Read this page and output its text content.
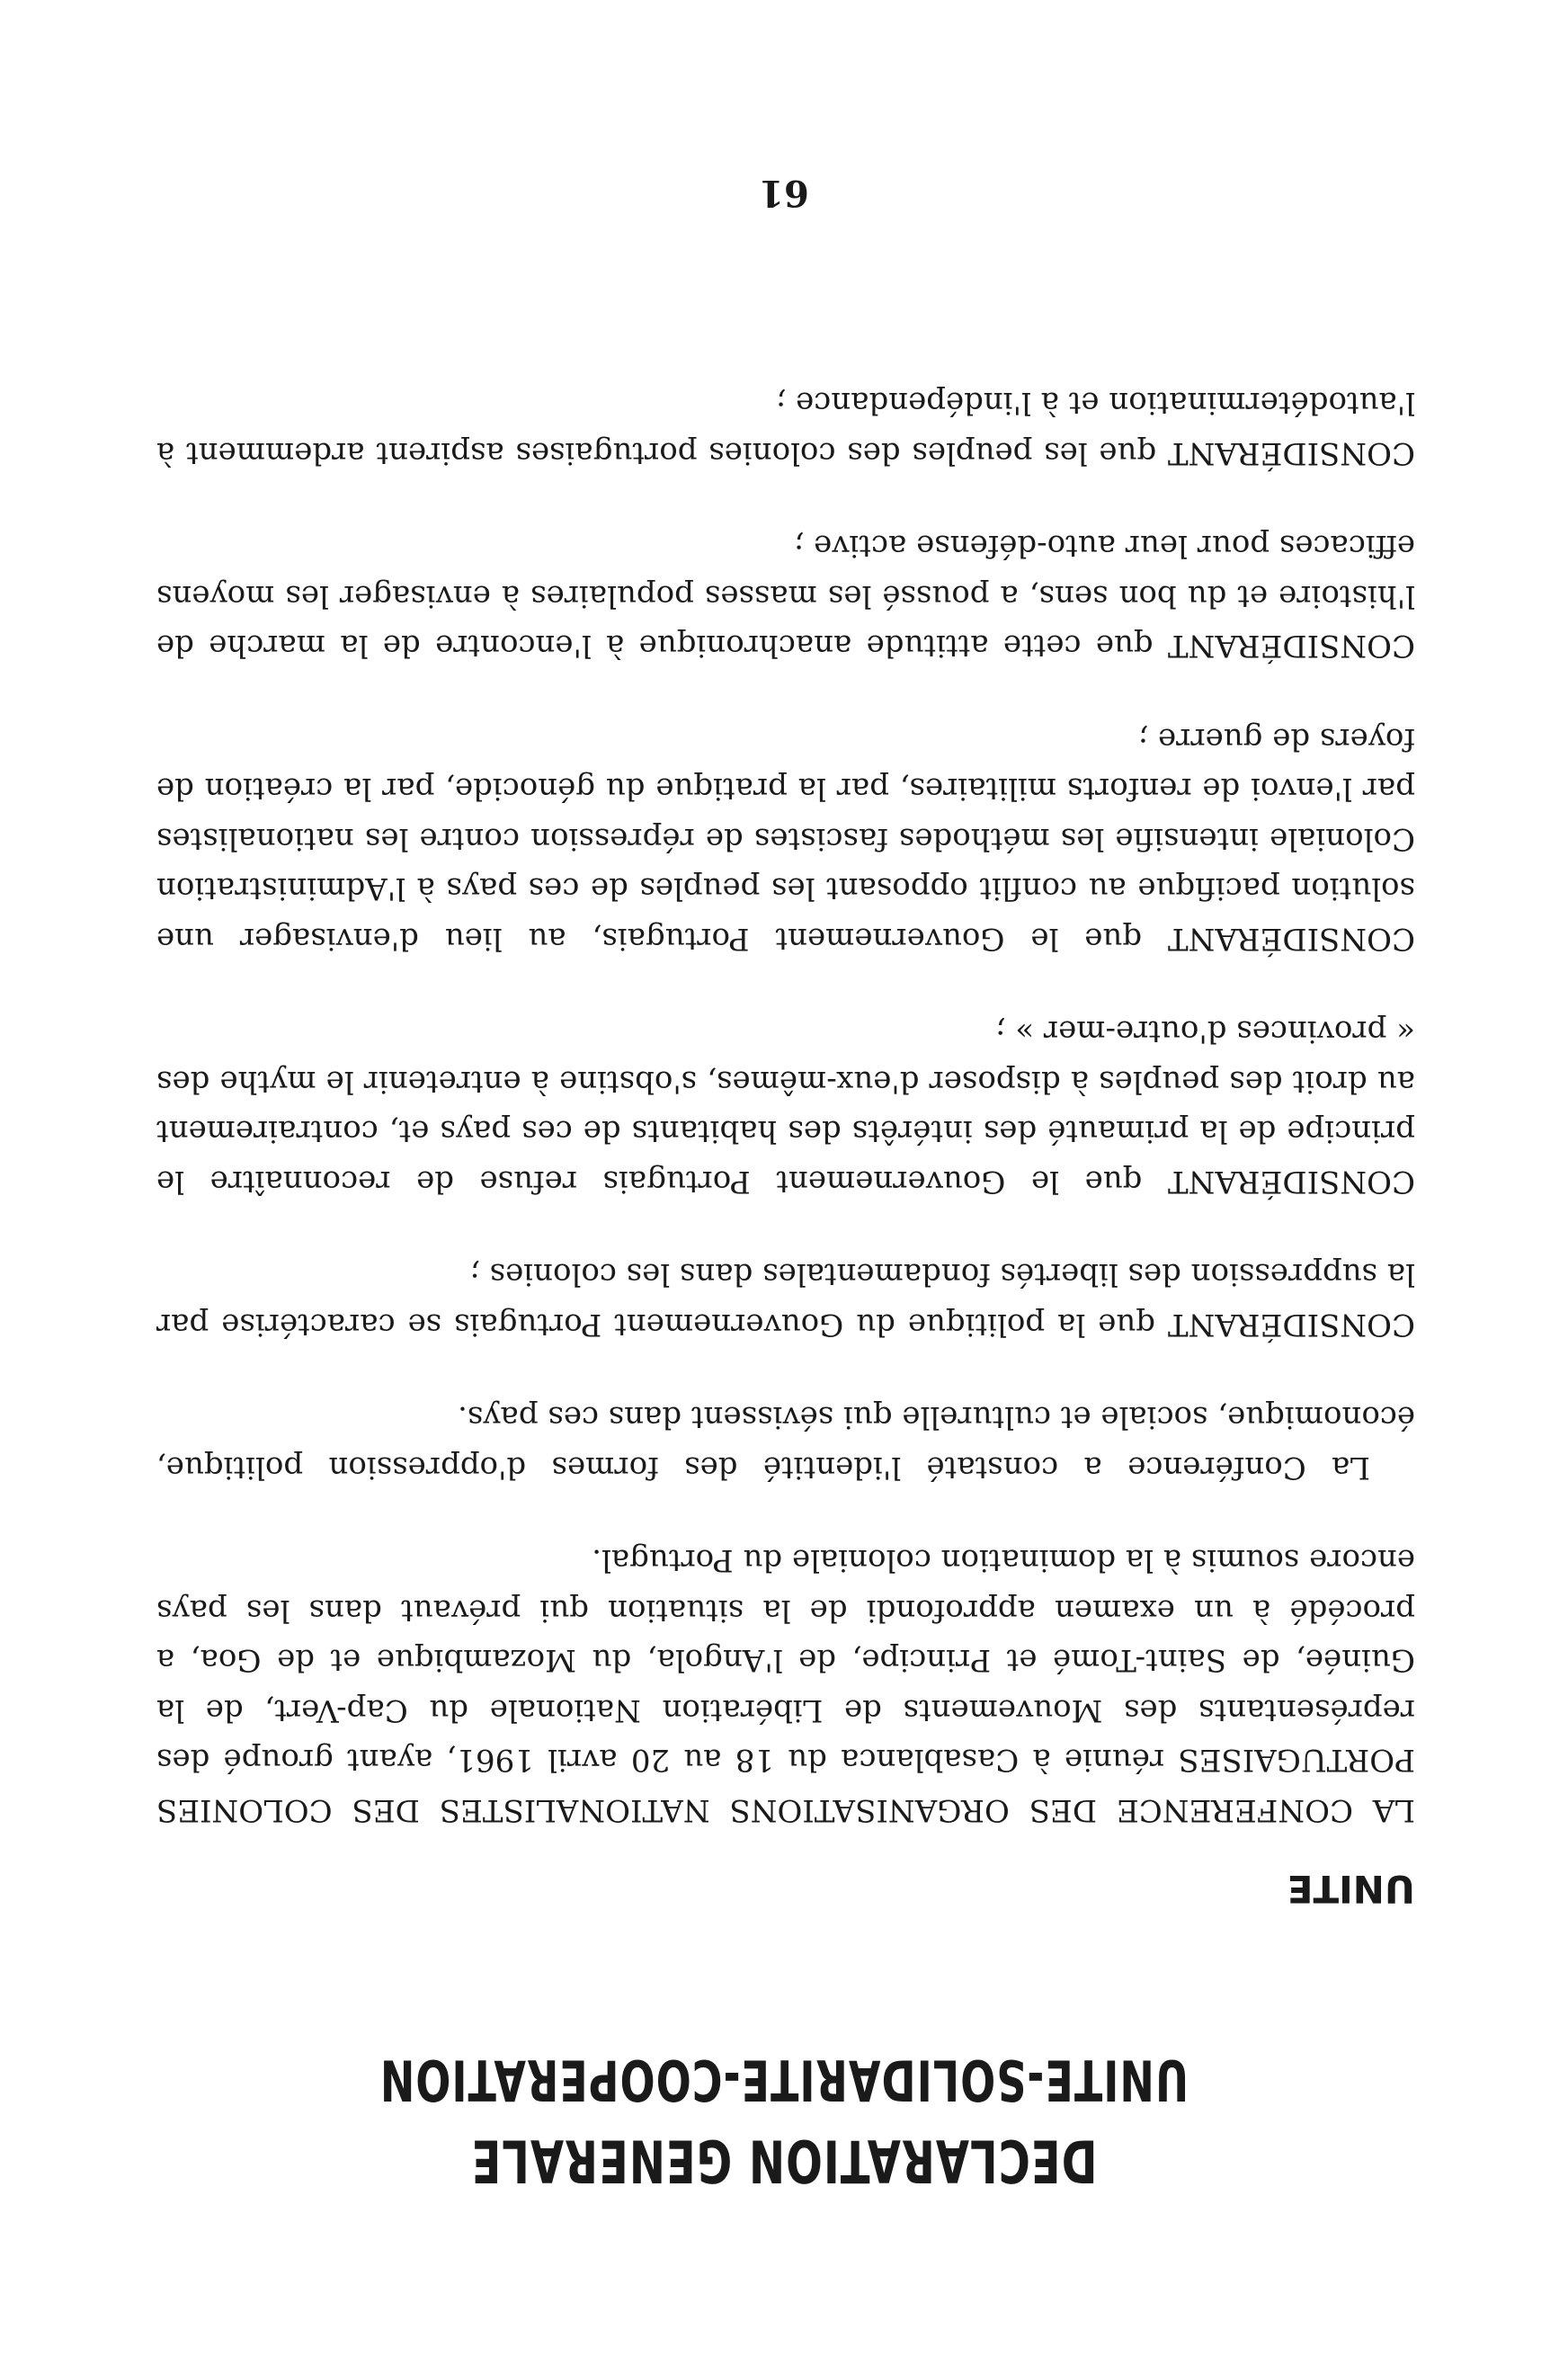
DECLARATION GENERALE
UNITE-SOLIDARITE-COOPERATION
UNITE

LA CONFERENCE DES ORGANISATIONS NATIONALISTES DES COLONIES PORTUGAISES réunie à Casablanca du 18 au 20 avril 1961, ayant groupé des représentants des Mouvements de Libération Nationale du Cap-Vert, de la Guinée, de Saint-Tomé et Principe, de l'Angola, du Mozambique et de Goa, a procédé à un examen approfondi de la situation qui prévaut dans les pays encore soumis à la domination coloniale du Portugal.

La Conférence a constaté l'identité des formes d'oppression politique, économique, sociale et culturelle qui sévissent dans ces pays.

CONSIDÉRANT que la politique du Gouvernement Portugais se caractérise par la suppression des libertés fondamentales dans les colonies ;

CONSIDÉRANT que le Gouvernement Portugais refuse de reconnaître le principe de la primauté des intérêts des habitants de ces pays et, contrairement au droit des peuples à disposer d'eux-mêmes, s'obstine à entretenir le mythe des « provinces d'outre-mer » ;

CONSIDÉRANT que le Gouvernement Portugais, au lieu d'envisager une solution pacifique au conflit opposant les peuples de ces pays à l'Administration Coloniale intensifie les méthodes fascistes de répression contre les nationalistes par l'envoi de renforts militaires, par la pratique du génocide, par la création de foyers de guerre ;

CONSIDÉRANT que cette attitude anachronique à l'encontre de la marche de l'histoire et du bon sens, a poussé les masses populaires à envisager les moyens efficaces pour leur auto-défense active ;

CONSIDÉRANT que les peuples des colonies portugaises aspirent ardemment à l'autodétermination et à l'indépendance ;

61
